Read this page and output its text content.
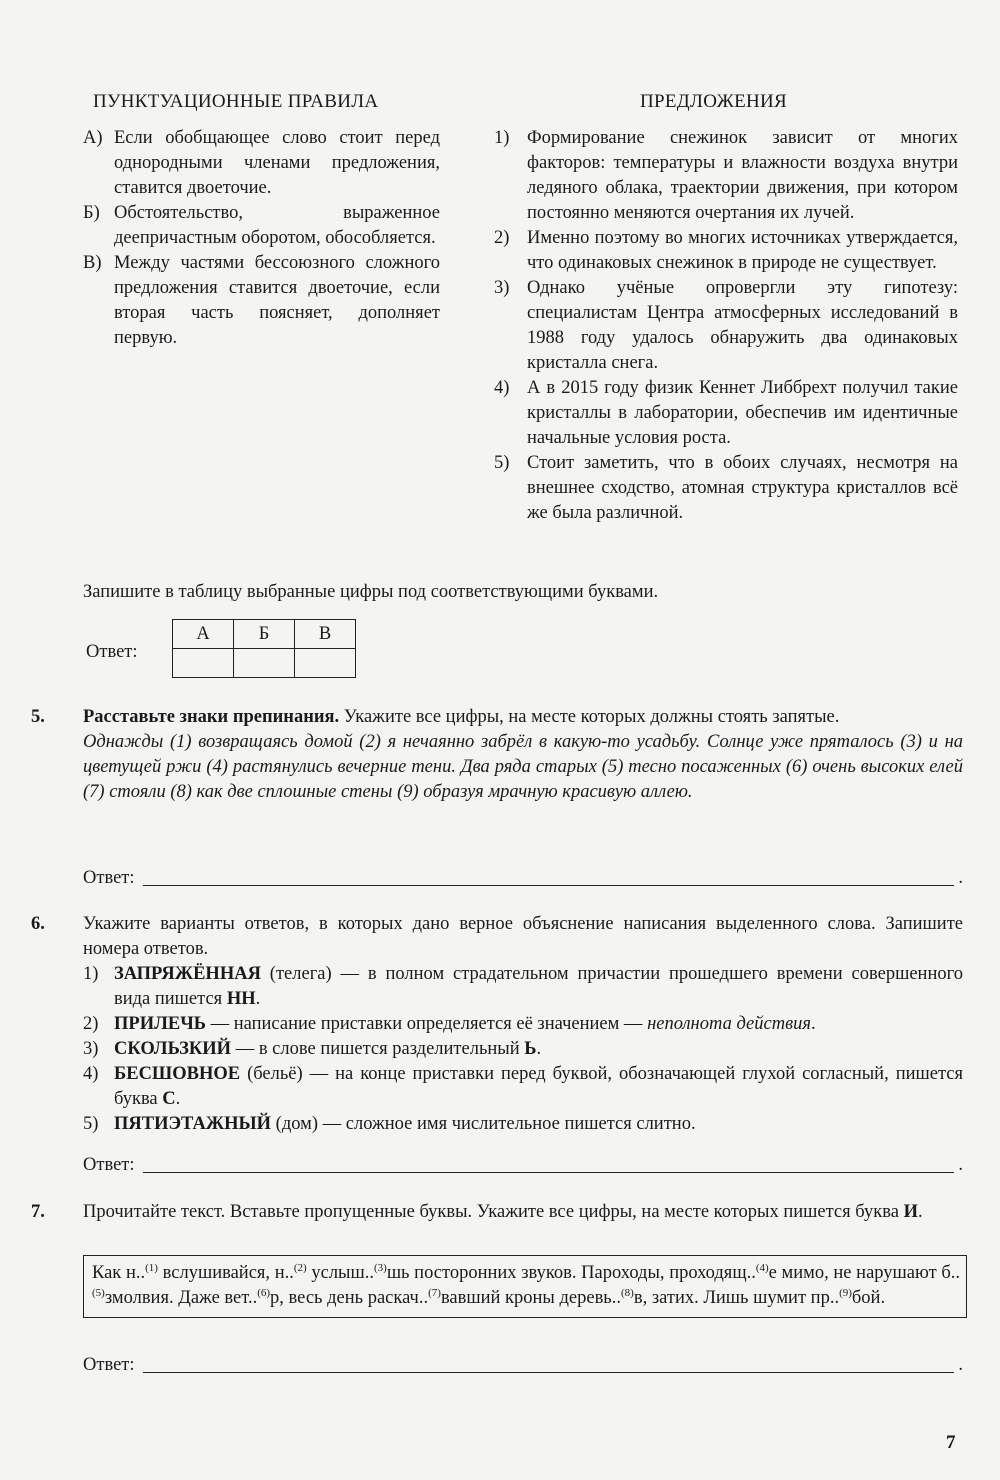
ПУНКТУАЦИОННЫЕ ПРАВИЛА	ПРЕДЛОЖЕНИЯ
А) Если обобщающее слово стоит перед однородными членами предложения, ставится двоеточие.
Б) Обстоятельство, выраженное деепричастным оборотом, обособляется.
В) Между частями бессоюзного сложного предложения ставится двоеточие, если вторая часть поясняет, дополняет первую.
1) Формирование снежинок зависит от многих факторов: температуры и влажности воздуха внутри ледяного облака, траектории движения, при котором постоянно меняются очертания их лучей.
2) Именно поэтому во многих источниках утверждается, что одинаковых снежинок в природе не существует.
3) Однако учёные опровергли эту гипотезу: специалистам Центра атмосферных исследований в 1988 году удалось обнаружить два одинаковых кристалла снега.
4) А в 2015 году физик Кеннет Либбрехт получил такие кристаллы в лаборатории, обеспечив им идентичные начальные условия роста.
5) Стоит заметить, что в обоих случаях, несмотря на внешнее сходство, атомная структура кристаллов всё же была различной.
Запишите в таблицу выбранные цифры под соответствующими буквами.
Ответ:
А	Б	В

5. Расставьте знаки препинания. Укажите все цифры, на месте которых должны стоять запятые.
Однажды (1) возвращаясь домой (2) я нечаянно забрёл в какую-то усадьбу. Солнце уже пряталось (3) и на цветущей ржи (4) растянулись вечерние тени. Два ряда старых (5) тесно посаженных (6) очень высоких елей (7) стояли (8) как две сплошные стены (9) образуя мрачную красивую аллею.
Ответ:	.
6. Укажите варианты ответов, в которых дано верное объяснение написания выделенного слова. Запишите номера ответов.
1) ЗАПРЯЖЁННАЯ (телега) — в полном страдательном причастии прошедшего времени совершенного вида пишется НН.
2) ПРИЛЕЧЬ — написание приставки определяется её значением — неполнота действия.
3) СКОЛЬЗКИЙ — в слове пишется разделительный Ь.
4) БЕСШОВНОЕ (бельё) — на конце приставки перед буквой, обозначающей глухой согласный, пишется буква С.
5) ПЯТИЭТАЖНЫЙ (дом) — сложное имя числительное пишется слитно.
Ответ:	.
7. Прочитайте текст. Вставьте пропущенные буквы. Укажите все цифры, на месте которых пишется буква И.
Как н..$^{(1)}$ вслушивайся, н..$^{(2)}$ услыш..$^{(3)}$шь посторонних звуков. Пароходы, проходящ..$^{(4)}$е мимо, не нарушают б..$^{(5)}$змолвия. Даже вет..$^{(6)}$р, весь день раскач..$^{(7)}$вавший кроны деревь..$^{(8)}$в, затих. Лишь шумит пр..$^{(9)}$бой.
Ответ:	.
7
